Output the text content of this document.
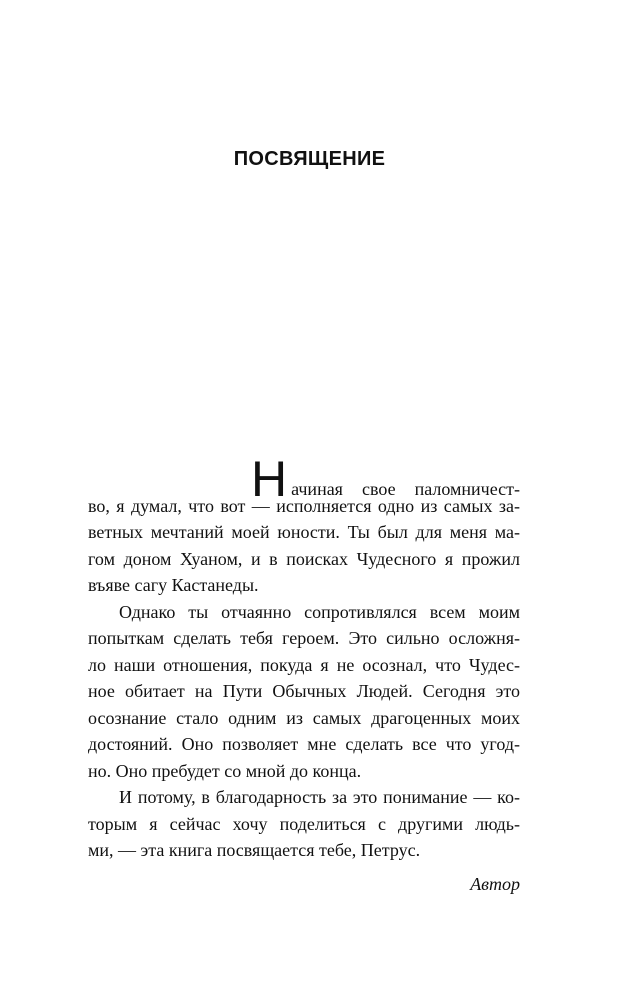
ПОСВЯЩЕНИЕ
Начиная свое паломничест-
во, я думал, что вот — исполняется одно из самых за-
ветных мечтаний моей юности. Ты был для меня ма-
гом доном Хуаном, и в поисках Чудесного я прожил
въяве сагу Кастанеды.
Однако ты отчаянно сопротивлялся всем моим
попыткам сделать тебя героем. Это сильно осложня-
ло наши отношения, покуда я не осознал, что Чудес-
ное обитает на Пути Обычных Людей. Сегодня это
осознание стало одним из самых драгоценных моих
достояний. Оно позволяет мне сделать все что угод-
но. Оно пребудет со мной до конца.
И потому, в благодарность за это понимание — ко-
торым я сейчас хочу поделиться с другими людь-
ми, — эта книга посвящается тебе, Петрус.
Автор
